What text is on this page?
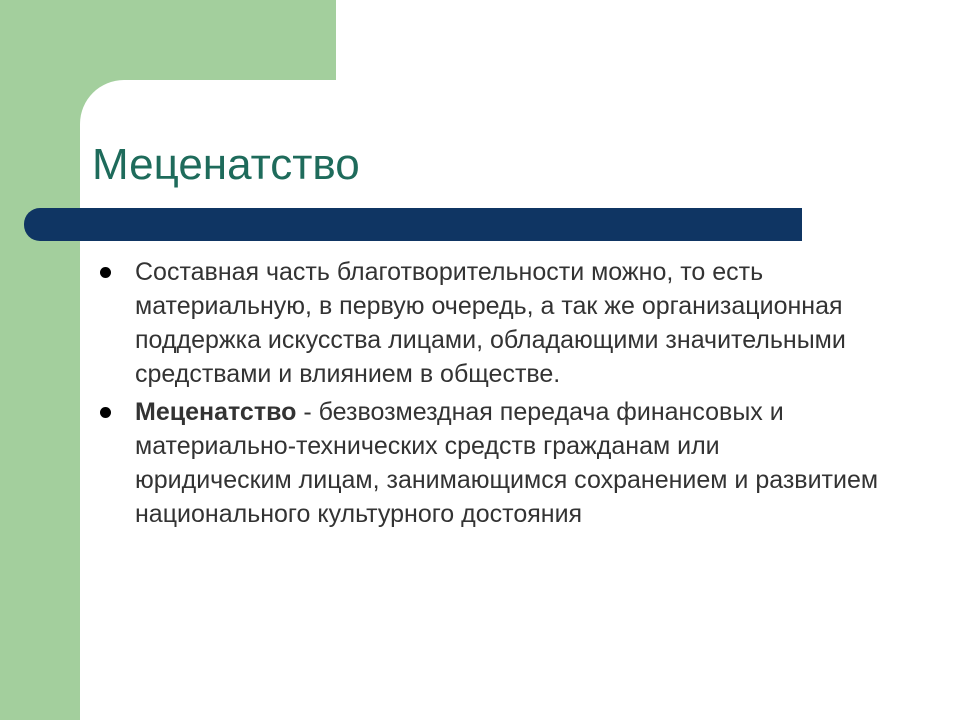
Меценатство
Составная часть благотворительности можно, то есть материальную, в первую очередь, а так же организационная поддержка искусства лицами, обладающими значительными средствами и влиянием в обществе.
Меценатство - безвозмездная передача финансовых и материально-технических средств гражданам или юридическим лицам, занимающимся сохранением и развитием национального культурного достояния
